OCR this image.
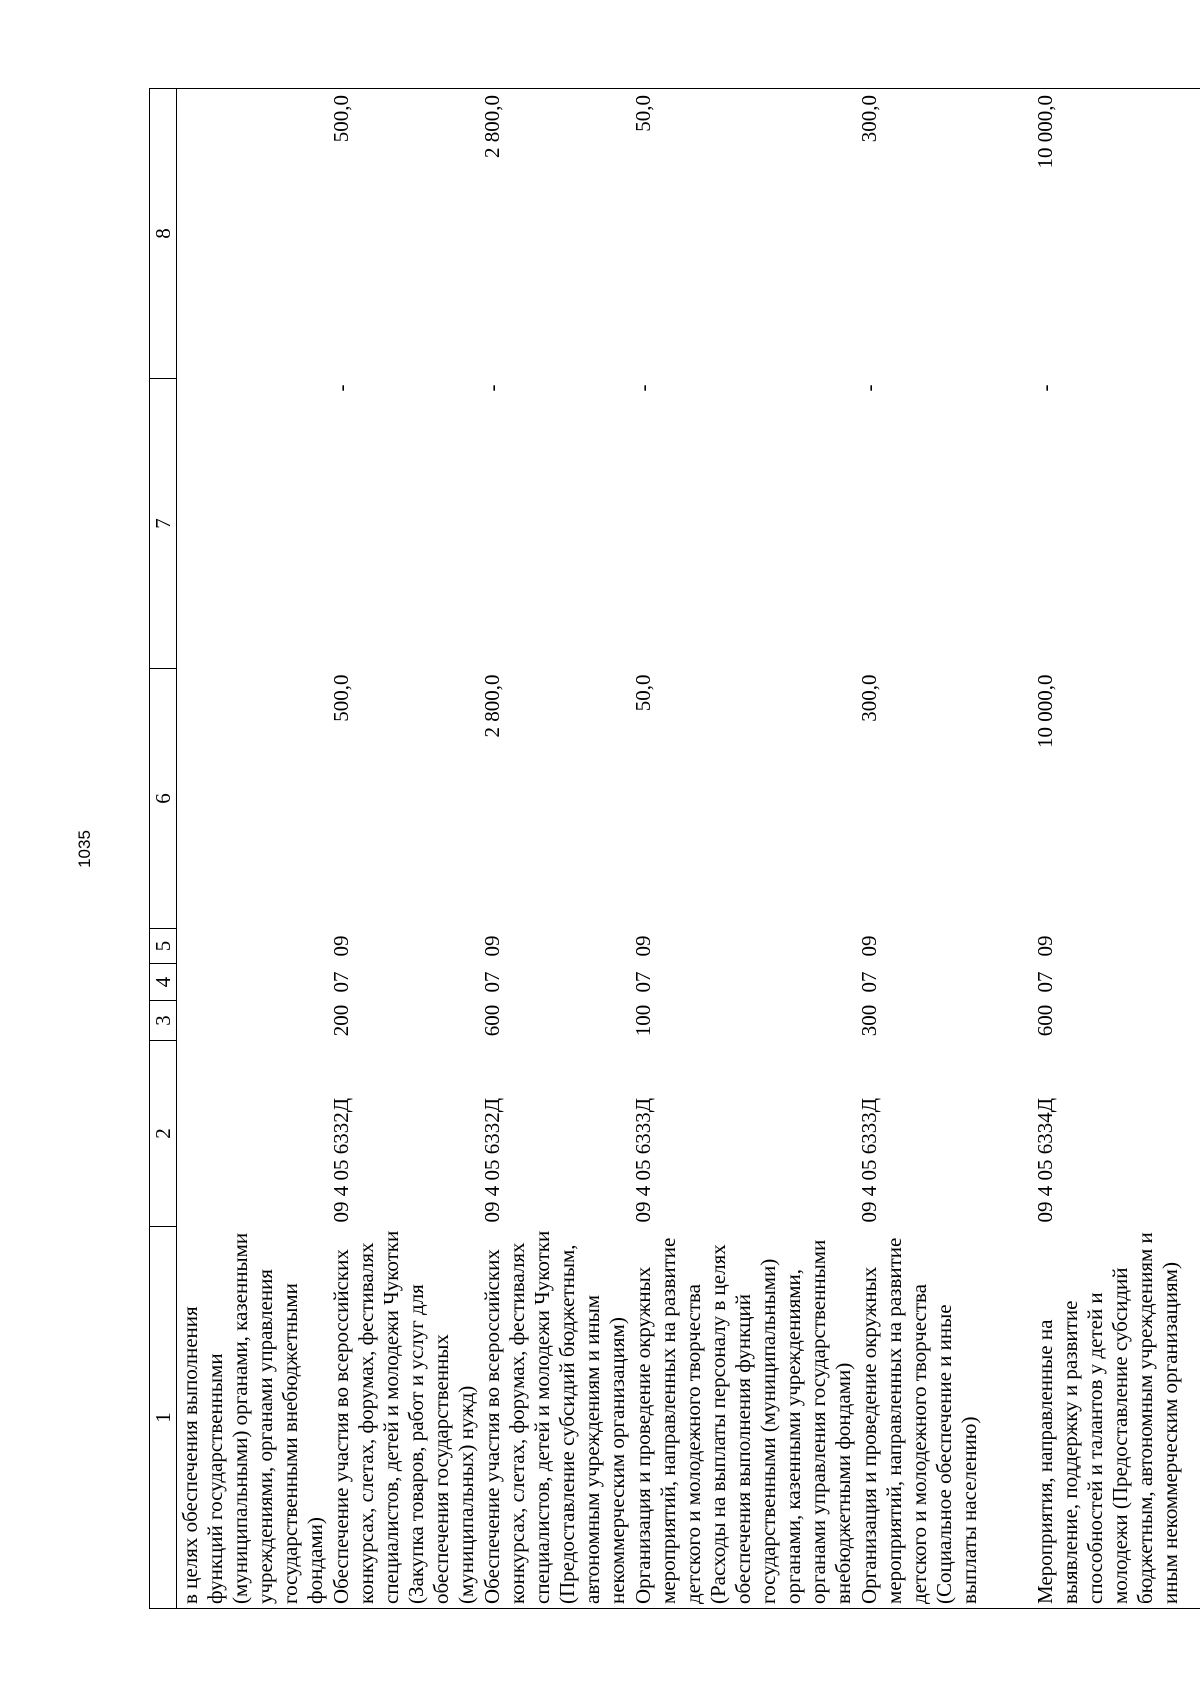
1035
1	2	3	4	5	6	7	8
в целях обеспечения выполнения функций государственными (муниципальными) органами, казенными учреждениями, органами управления государственными внебюджетными фондами)							
Обеспечение участия во всероссийских конкурсах, слетах, форумах, фестивалях специалистов, детей и молодежи Чукотки (Закупка товаров, работ и услуг для обеспечения государственных (муниципальных) нужд)	09 4 05 6332Д	200	07	09	500,0	-	500,0
Обеспечение участия во всероссийских конкурсах, слетах, форумах, фестивалях специалистов, детей и молодежи Чукотки (Предоставление субсидий бюджетным, автономным учреждениям и иным некоммерческим организациям)	09 4 05 6332Д	600	07	09	2 800,0	-	2 800,0
Организация и проведение окружных мероприятий, направленных на развитие детского и молодежного творчества (Расходы на выплаты персоналу в целях обеспечения выполнения функций государственными (муниципальными) органами, казенными учреждениями, органами управления государственными внебюджетными фондами)	09 4 05 6333Д	100	07	09	50,0	-	50,0
Организация и проведение окружных мероприятий, направленных на развитие детского и молодежного творчества (Социальное обеспечение и иные выплаты населению)	09 4 05 6333Д	300	07	09	300,0	-	300,0
Мероприятия, направленные на выявление, поддержку и развитие способностей и талантов у детей и молодежи (Предоставление субсидий бюджетным, автономным учреждениям и иным некоммерческим организациям)	09 4 05 6334Д	600	07	09	10 000,0	-	10 000,0
